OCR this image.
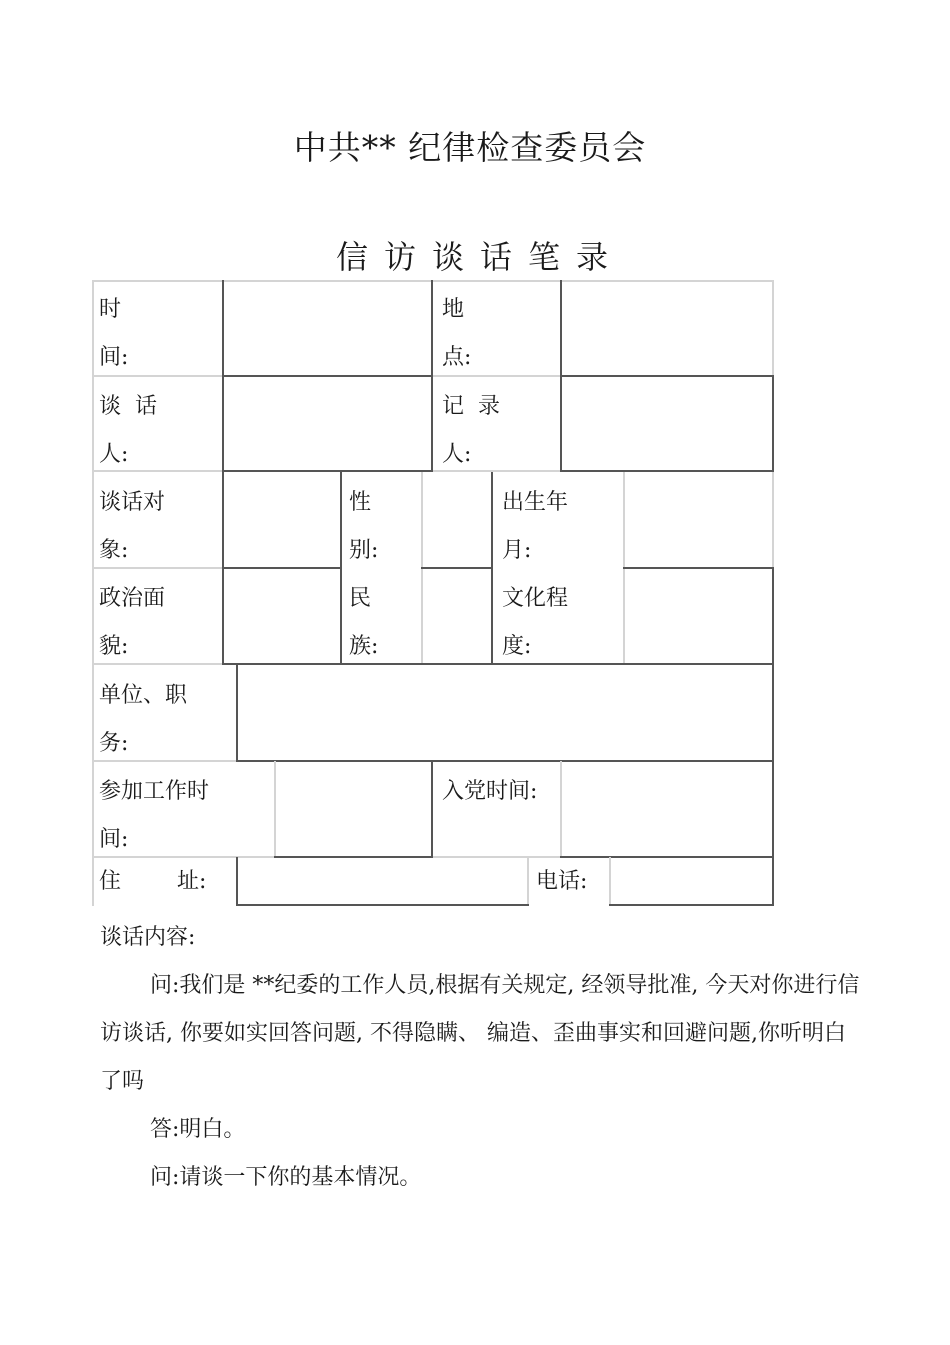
中共** 纪律检查委员会
信访谈话笔录
时
间:
地
点:
谈  话
人:
记  录
人:
谈话对
象:
性
别:
出生年
月:
政治面
貌:
民
族:
文化程
度:
单位、职
务:
参加工作时
间:
入党时间:
住        址:	电话:

谈话内容:

问:我们是 **纪委的工作人员,根据有关规定, 经领导批准, 今天对你进行信访谈话, 你要如实回答问题, 不得隐瞒、 编造、歪曲事实和回避问题,你听明白了吗

答:明白。

问:请谈一下你的基本情况。
